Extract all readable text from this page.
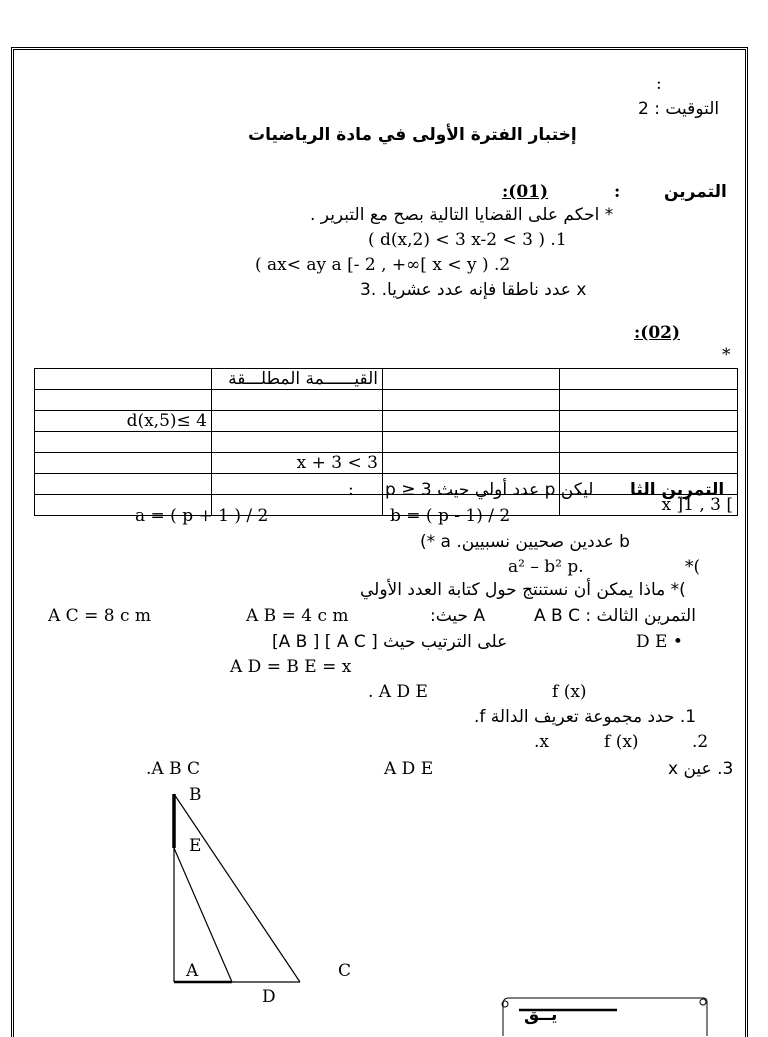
:
التوقيت : 2
إختبار الفترة الأولى في مادة الرياضيات
التمرين
:
:(01)
* احكم على القضايا التالية بصح مع التبرير .
( d(x,2) < 3 x-2 < 3 ) .1
( ax< ay a [- 2 , +∞[ x < y ) .2
x عدد ناطقا فإنه عدد عشريا. .3
:(02)
*
	القيــــــمة المطلـــقة		

d(x,5)≤ 4			

	x + 3 < 3		

			x ]1 , 3 [
التمرين الثا
ليكن p عدد أولي حيث 3 ≤ p
:
a = ( p + 1 ) / 2	b = ( p - 1) / 2
b عددين صحيين نسبيين. a *)
a² – b² p.	*(
)* ماذا يمكن أن نستنتج حول كتابة العدد الأولي
التمرين الثالث : A B C
A حيث:
A B = 4 c m
A C = 8 c m
D E •
على الترتيب حيث [ A C ] [ A B]
A D = B E = x
. A D E	f (x)
1. حدد مجموعة تعريف الدالة f.
.x	f (x)	.2
3. عين x
A D E
.A B C
B
E
A
D
C
يــق
